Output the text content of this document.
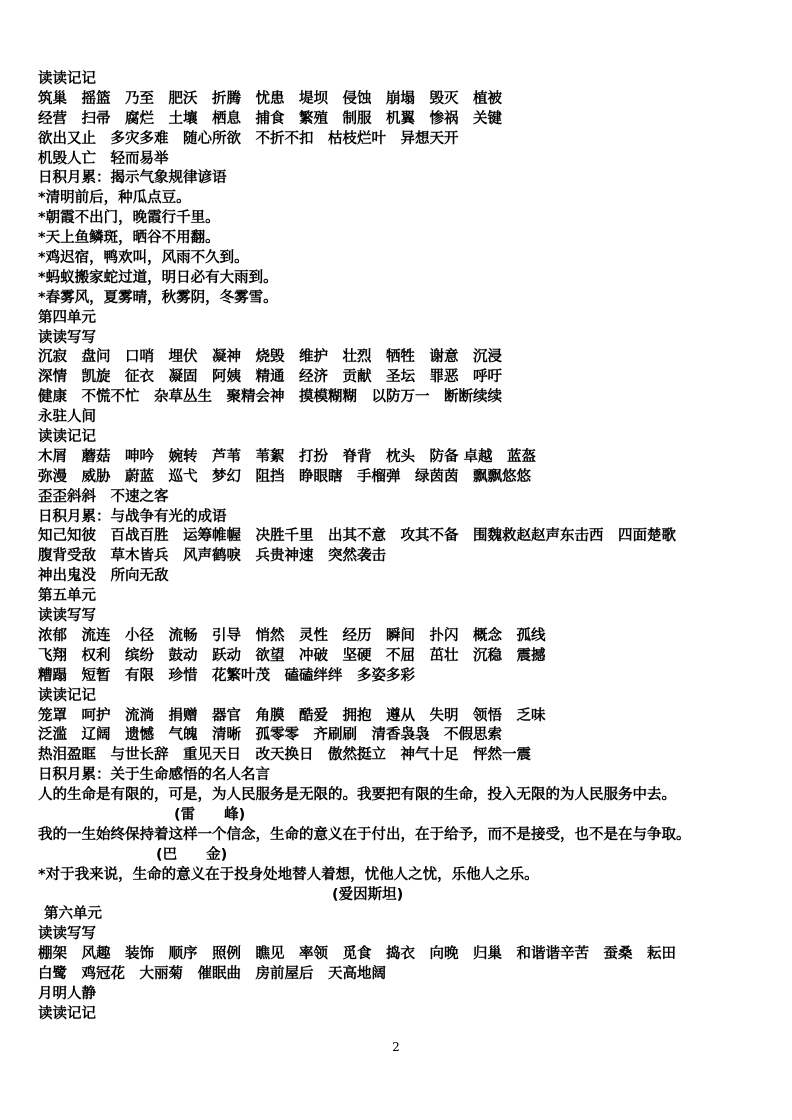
读读记记
筑巢　摇篮　乃至　肥沃　折腾　忧患　堤坝　侵蚀　崩塌　毁灭　植被
经营　扫帚　腐烂　土壤　栖息　捕食　繁殖　制服　机翼　惨祸　关键
欲出又止　多灾多难　随心所欲　不折不扣　枯枝烂叶　异想天开
机毁人亡　轻而易举
日积月累：揭示气象规律谚语
*清明前后，种瓜点豆。
*朝霞不出门，晚霞行千里。
*天上鱼鳞斑，晒谷不用翻。
*鸡迟宿，鸭欢叫，风雨不久到。
*蚂蚁搬家蛇过道，明日必有大雨到。
*春雾风，夏雾晴，秋雾阴，冬雾雪。
第四单元
读读写写
沉寂　盘问　口哨　埋伏　凝神　烧毁　维护　壮烈　牺牲　谢意　沉浸
深情　凯旋　征衣　凝固　阿姨　精通　经济　贡献　圣坛　罪恶　呼吁
健康　不慌不忙　杂草丛生　聚精会神　摸模糊糊　以防万一　断断续续
永驻人间
读读记记
木屑　蘑菇　呻吟　婉转　芦苇　苇絮　打扮　脊背　枕头　防备 卓越　蓝盔
弥漫　威胁　蔚蓝　巡弋　梦幻　阻挡　睁眼瞎　手榴弹　绿茵茵　飘飘悠悠
歪歪斜斜　不速之客
日积月累：与战争有光的成语
知己知彼　百战百胜　运筹帷幄　决胜千里　出其不意　攻其不备　围魏救赵赵声东击西　四面楚歌
腹背受敌　草木皆兵　风声鹤唳　兵贵神速　突然袭击
神出鬼没　所向无敌
第五单元
读读写写
浓郁　流连　小径　流畅　引导　悄然　灵性　经历　瞬间　扑闪　概念　孤线
飞翔　权利　缤纷　鼓动　跃动　欲望　冲破　坚硬　不屈　茁壮　沉稳　震撼
糟蹋　短暂　有限　珍惜　花繁叶茂　磕磕绊绊　多姿多彩
读读记记
笼罩　呵护　流淌　捐赠　器官　角膜　酷爱　拥抱　遵从　失明　领悟　乏味
泛滥　辽阔　遗憾　气魄　清晰　孤零零　齐刷刷　清香袅袅　不假思索
热泪盈眶　与世长辞　重见天日　改天换日　傲然挺立　神气十足　怦然一震
日积月累：关于生命感悟的名人名言
人的生命是有限的，可是，为人民服务是无限的。我要把有限的生命，投入无限的为人民服务中去。
(雷　　峰)
我的一生始终保持着这样一个信念，生命的意义在于付出，在于给予，而不是接受，也不是在与争取。
(巴　　金)
*对于我来说，生命的意义在于投身处地替人着想，忧他人之忧，乐他人之乐。
(爱因斯坦)
第六单元
读读写写
棚架　风趣　装饰　顺序　照例　瞧见　率领　觅食　捣衣　向晚　归巢　和谐谐辛苦　蚕桑　耘田
白鹭　鸡冠花　大丽菊　催眠曲　房前屋后　天高地阔
月明人静
读读记记
2
